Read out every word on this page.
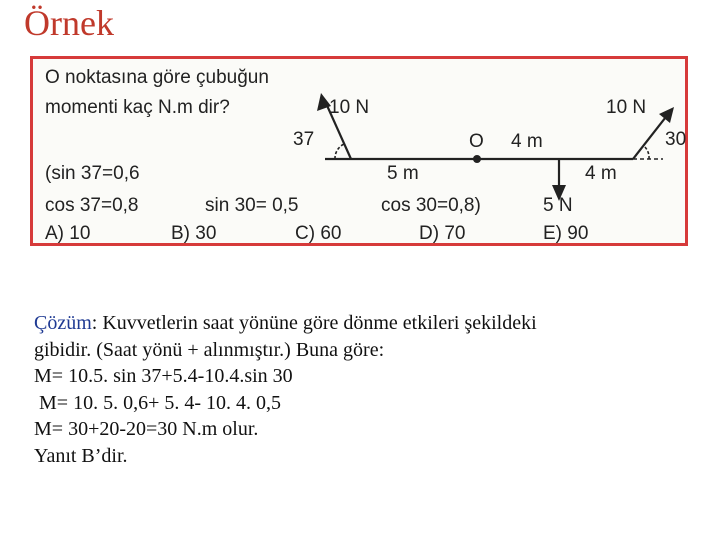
Örnek
O noktasına göre çubuğun
momenti kaç N.m dir?	10 N	10 N
37	30
O 4 m
(sin 37=0,6	5 m	4 m
cos 37=0,8	sin 30= 0,5	cos 30=0,8)	5 N
A) 10	B) 30	C) 60	D) 70	E) 90
Çözüm: Kuvvetlerin saat yönüne göre dönme etkileri şekildeki
gibidir. (Saat yönü + alınmıştır.) Buna göre:
M= 10.5. sin 37+5.4-10.4.sin 30
M= 10. 5. 0,6+ 5. 4- 10. 4. 0,5
M= 30+20-20=30 N.m olur.
Yanıt B’dir.
